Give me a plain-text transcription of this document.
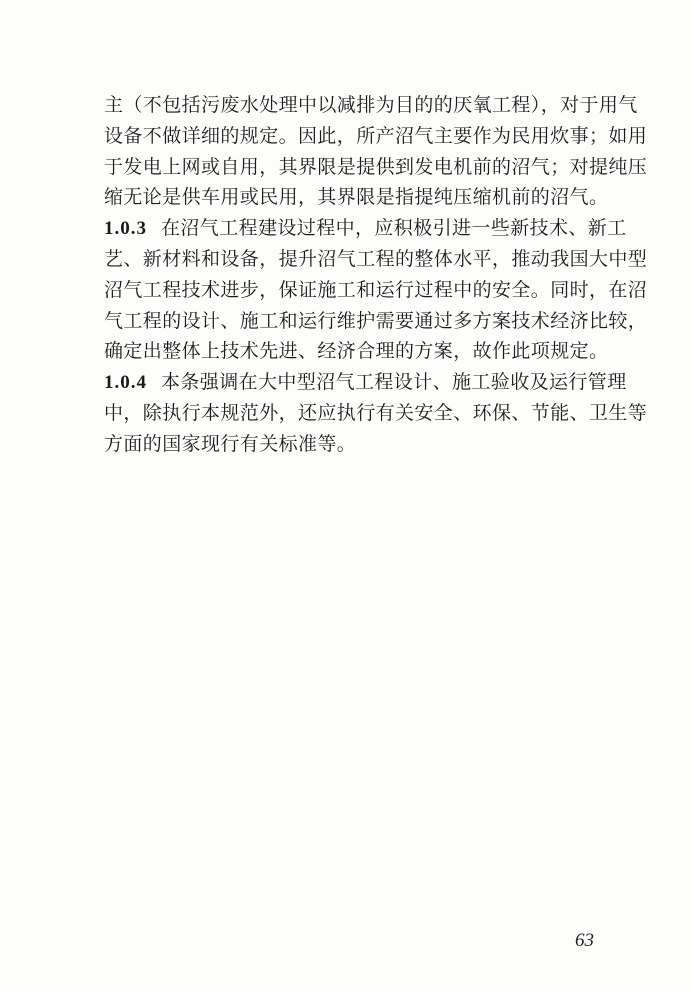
主（不包括污废水处理中以减排为目的的厌氧工程），对于用气
设备不做详细的规定。因此，所产沼气主要作为民用炊事；如用
于发电上网或自用，其界限是提供到发电机前的沼气；对提纯压
缩无论是供车用或民用，其界限是指提纯压缩机前的沼气。
1.0.3 在沼气工程建设过程中，应积极引进一些新技术、新工
艺、新材料和设备，提升沼气工程的整体水平，推动我国大中型
沼气工程技术进步，保证施工和运行过程中的安全。同时，在沼
气工程的设计、施工和运行维护需要通过多方案技术经济比较，
确定出整体上技术先进、经济合理的方案，故作此项规定。
1.0.4 本条强调在大中型沼气工程设计、施工验收及运行管理
中，除执行本规范外，还应执行有关安全、环保、节能、卫生等
方面的国家现行有关标准等。
63
